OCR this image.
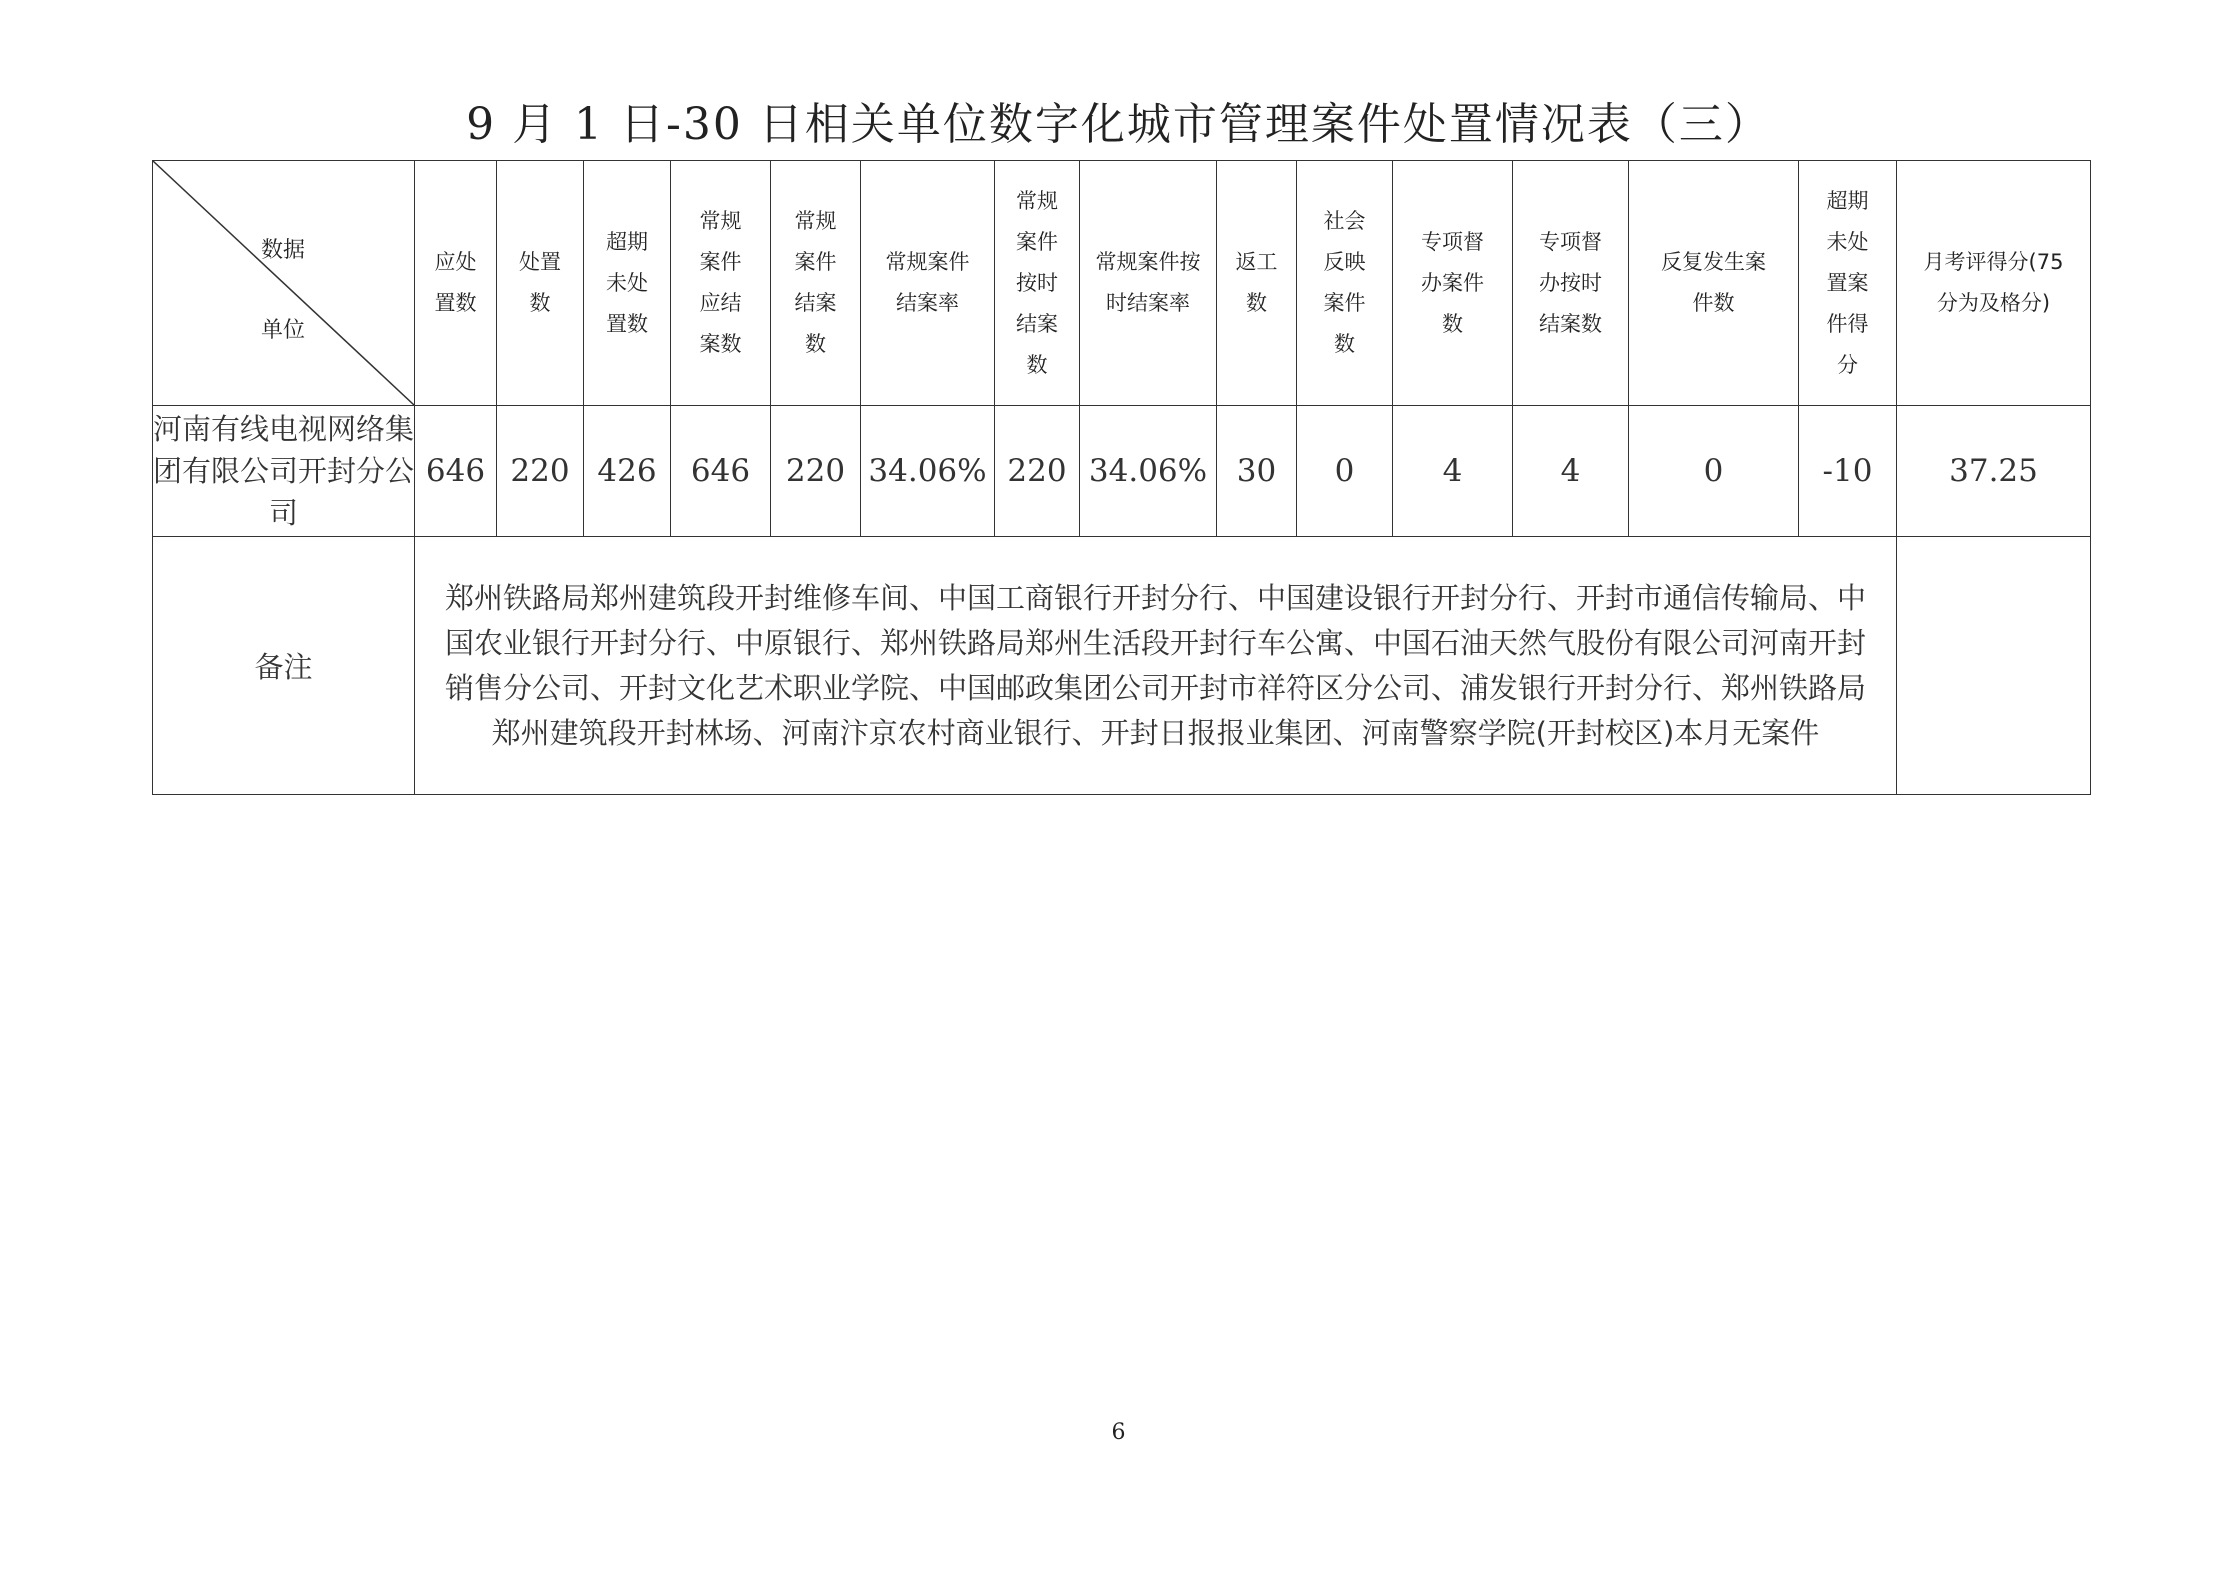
9 月 1 日-30 日相关单位数字化城市管理案件处置情况表（三）
数据
单位	应处置数	处置数	超期未处置数	常规案件应结案数	常规案件结案数	常规案件结案率	常规案件按时结案数	常规案件按时结案率	返工数	社会反映案件数	专项督办案件数	专项督办按时结案数	反复发生案件数	超期未处置案件得分	月考评得分(75分为及格分)
河南有线电视网络集团有限公司开封分公司	646	220	426	646	220	34.06%	220	34.06%	30	0	4	4	0	-10	37.25
备注	郑州铁路局郑州建筑段开封维修车间、中国工商银行开封分行、中国建设银行开封分行、开封市通信传输局、中国农业银行开封分行、中原银行、郑州铁路局郑州生活段开封行车公寓、中国石油天然气股份有限公司河南开封销售分公司、开封文化艺术职业学院、中国邮政集团公司开封市祥符区分公司、浦发银行开封分行、郑州铁路局郑州建筑段开封林场、河南汴京农村商业银行、开封日报报业集团、河南警察学院(开封校区)本月无案件														
6
